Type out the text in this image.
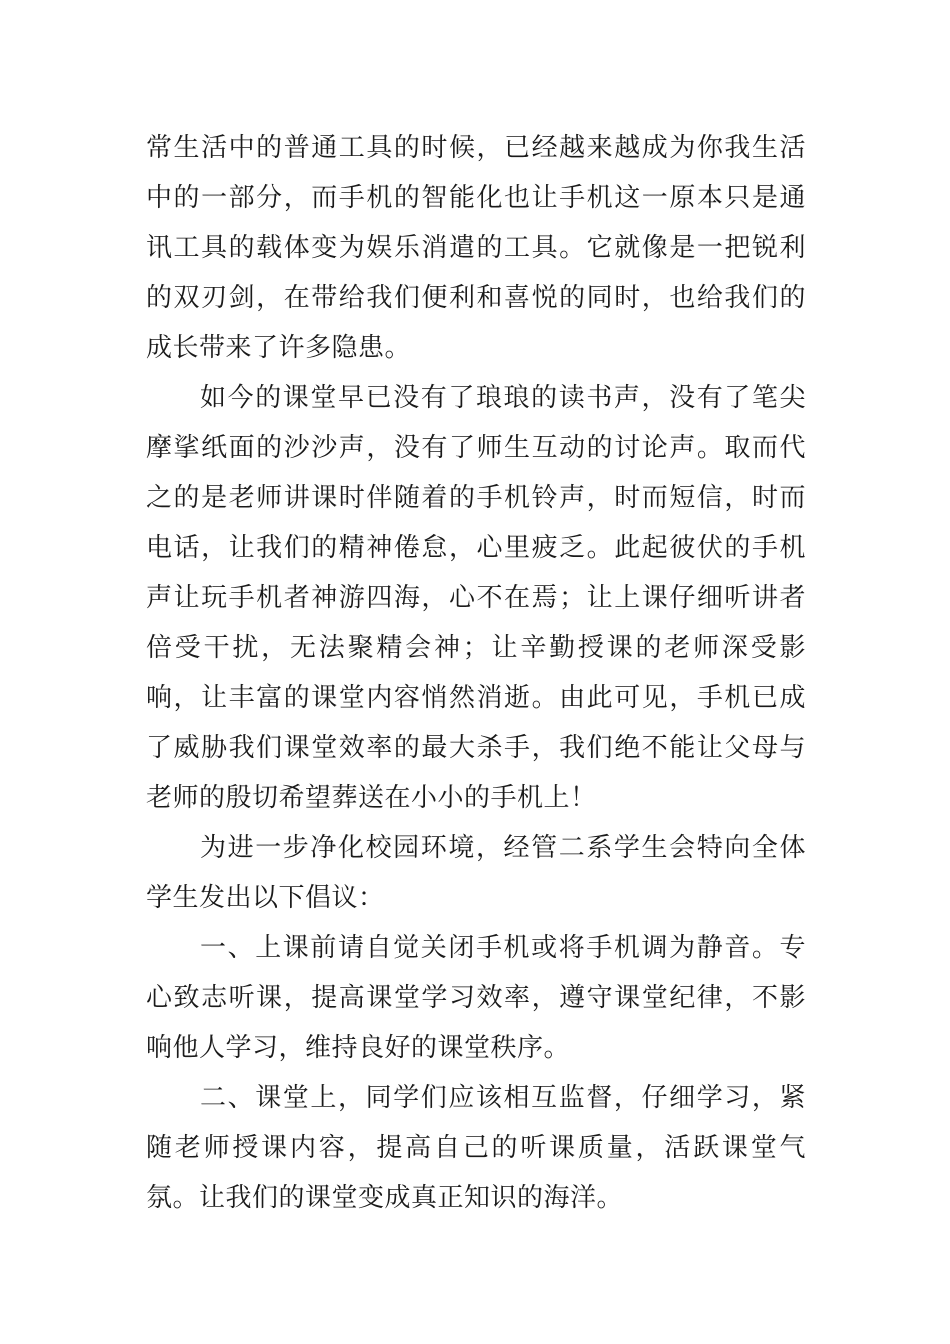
常生活中的普通工具的时候，已经越来越成为你我生活中的一部分，而手机的智能化也让手机这一原本只是通讯工具的载体变为娱乐消遣的工具。它就像是一把锐利的双刃剑，在带给我们便利和喜悦的同时，也给我们的成长带来了许多隐患。

如今的课堂早已没有了琅琅的读书声，没有了笔尖摩挲纸面的沙沙声，没有了师生互动的讨论声。取而代之的是老师讲课时伴随着的手机铃声，时而短信，时而电话，让我们的精神倦怠，心里疲乏。此起彼伏的手机声让玩手机者神游四海，心不在焉；让上课仔细听讲者倍受干扰，无法聚精会神；让辛勤授课的老师深受影响，让丰富的课堂内容悄然消逝。由此可见，手机已成了威胁我们课堂效率的最大杀手，我们绝不能让父母与老师的殷切希望葬送在小小的手机上！

为进一步净化校园环境，经管二系学生会特向全体学生发出以下倡议：

一、上课前请自觉关闭手机或将手机调为静音。专心致志听课，提高课堂学习效率，遵守课堂纪律，不影响他人学习，维持良好的课堂秩序。

二、课堂上，同学们应该相互监督，仔细学习，紧随老师授课内容，提高自己的听课质量，活跃课堂气氛。让我们的课堂变成真正知识的海洋。
